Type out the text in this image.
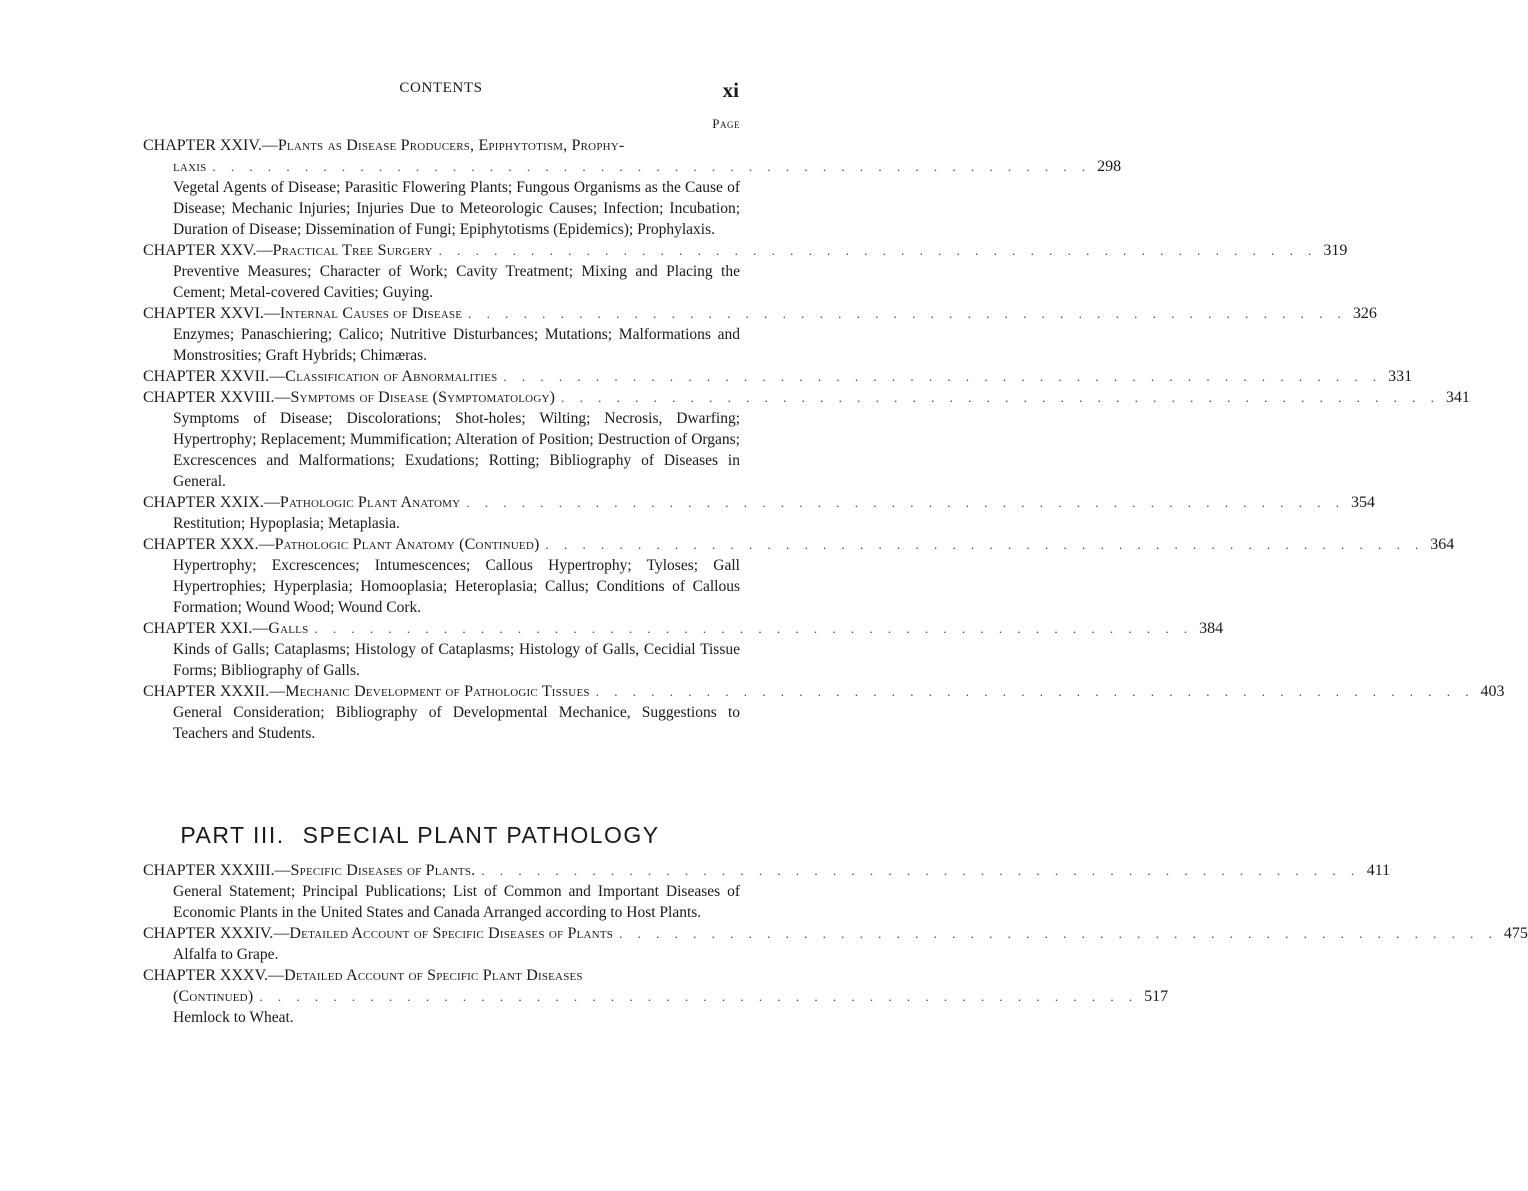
CONTENTS	xi
Page
CHAPTER XXIV.— Plants as Disease Producers, Epiphytotism, Prophy-
laxis . . . . . . . . . . . . . . . . . . . . . . . . . . . . . . . . . . . . . . . . . . . . . . . . 298

Vegetal Agents of Disease; Parasitic Flowering Plants; Fungous Organisms as the Cause of Disease; Mechanic Injuries; Injuries Due to Meteorologic Causes; Infection; Incubation; Duration of Disease; Dissemination of Fungi; Epiphytotisms (Epidemics); Prophylaxis.

CHAPTER XXV.— Practical Tree Surgery . . . . . . . . . . . . . . . . . . . . . . . . . . . . . . . . . . . . . . . . . . . . . . . . 319

Preventive Measures; Character of Work; Cavity Treatment; Mixing and Placing the Cement; Metal-covered Cavities; Guying.

CHAPTER XXVI.— Internal Causes of Disease . . . . . . . . . . . . . . . . . . . . . . . . . . . . . . . . . . . . . . . . . . . . . . . . 326

Enzymes; Panaschiering; Calico; Nutritive Disturbances; Mutations; Malformations and Monstrosities; Graft Hybrids; Chimæras.

CHAPTER XXVII.— Classification of Abnormalities . . . . . . . . . . . . . . . . . . . . . . . . . . . . . . . . . . . . . . . . . . . . . . . . 331
CHAPTER XXVIII.— Symptoms of Disease (Symptomatology) . . . . . . . . . . . . . . . . . . . . . . . . . . . . . . . . . . . . . . . . . . . . . . . . 341

Symptoms of Disease; Discolorations; Shot-holes; Wilting; Necrosis, Dwarfing; Hypertrophy; Replacement; Mummification; Alteration of Position; Destruction of Organs; Excrescences and Malformations; Exudations; Rotting; Bibliography of Diseases in General.

CHAPTER XXIX.— Pathologic Plant Anatomy . . . . . . . . . . . . . . . . . . . . . . . . . . . . . . . . . . . . . . . . . . . . . . . . 354

Restitution; Hypoplasia; Metaplasia.

CHAPTER XXX.— Pathologic Plant Anatomy (Continued) . . . . . . . . . . . . . . . . . . . . . . . . . . . . . . . . . . . . . . . . . . . . . . . . 364

Hypertrophy; Excrescences; Intumescences; Callous Hypertrophy; Tyloses; Gall Hypertrophies; Hyperplasia; Homooplasia; Heteroplasia; Callus; Conditions of Callous Formation; Wound Wood; Wound Cork.

CHAPTER XXI.— Galls . . . . . . . . . . . . . . . . . . . . . . . . . . . . . . . . . . . . . . . . . . . . . . . . 384

Kinds of Galls; Cataplasms; Histology of Cataplasms; Histology of Galls, Cecidial Tissue Forms; Bibliography of Galls.

CHAPTER XXXII.— Mechanic Development of Pathologic Tissues . . . . . . . . . . . . . . . . . . . . . . . . . . . . . . . . . . . . . . . . . . . . . . . . 403

General Consideration; Bibliography of Developmental Mechanice, Suggestions to Teachers and Students.

PART III. SPECIAL PLANT PATHOLOGY
CHAPTER XXXIII.— Specific Diseases of Plants. . . . . . . . . . . . . . . . . . . . . . . . . . . . . . . . . . . . . . . . . . . . . . . . . 411

General Statement; Principal Publications; List of Common and Important Diseases of Economic Plants in the United States and Canada Arranged according to Host Plants.

CHAPTER XXXIV.— Detailed Account of Specific Diseases of Plants . . . . . . . . . . . . . . . . . . . . . . . . . . . . . . . . . . . . . . . . . . . . . . . . 475

Alfalfa to Grape.

CHAPTER XXXV.— Detailed Account of Specific Plant Diseases
(Continued) . . . . . . . . . . . . . . . . . . . . . . . . . . . . . . . . . . . . . . . . . . . . . . . . 517

Hemlock to Wheat.
